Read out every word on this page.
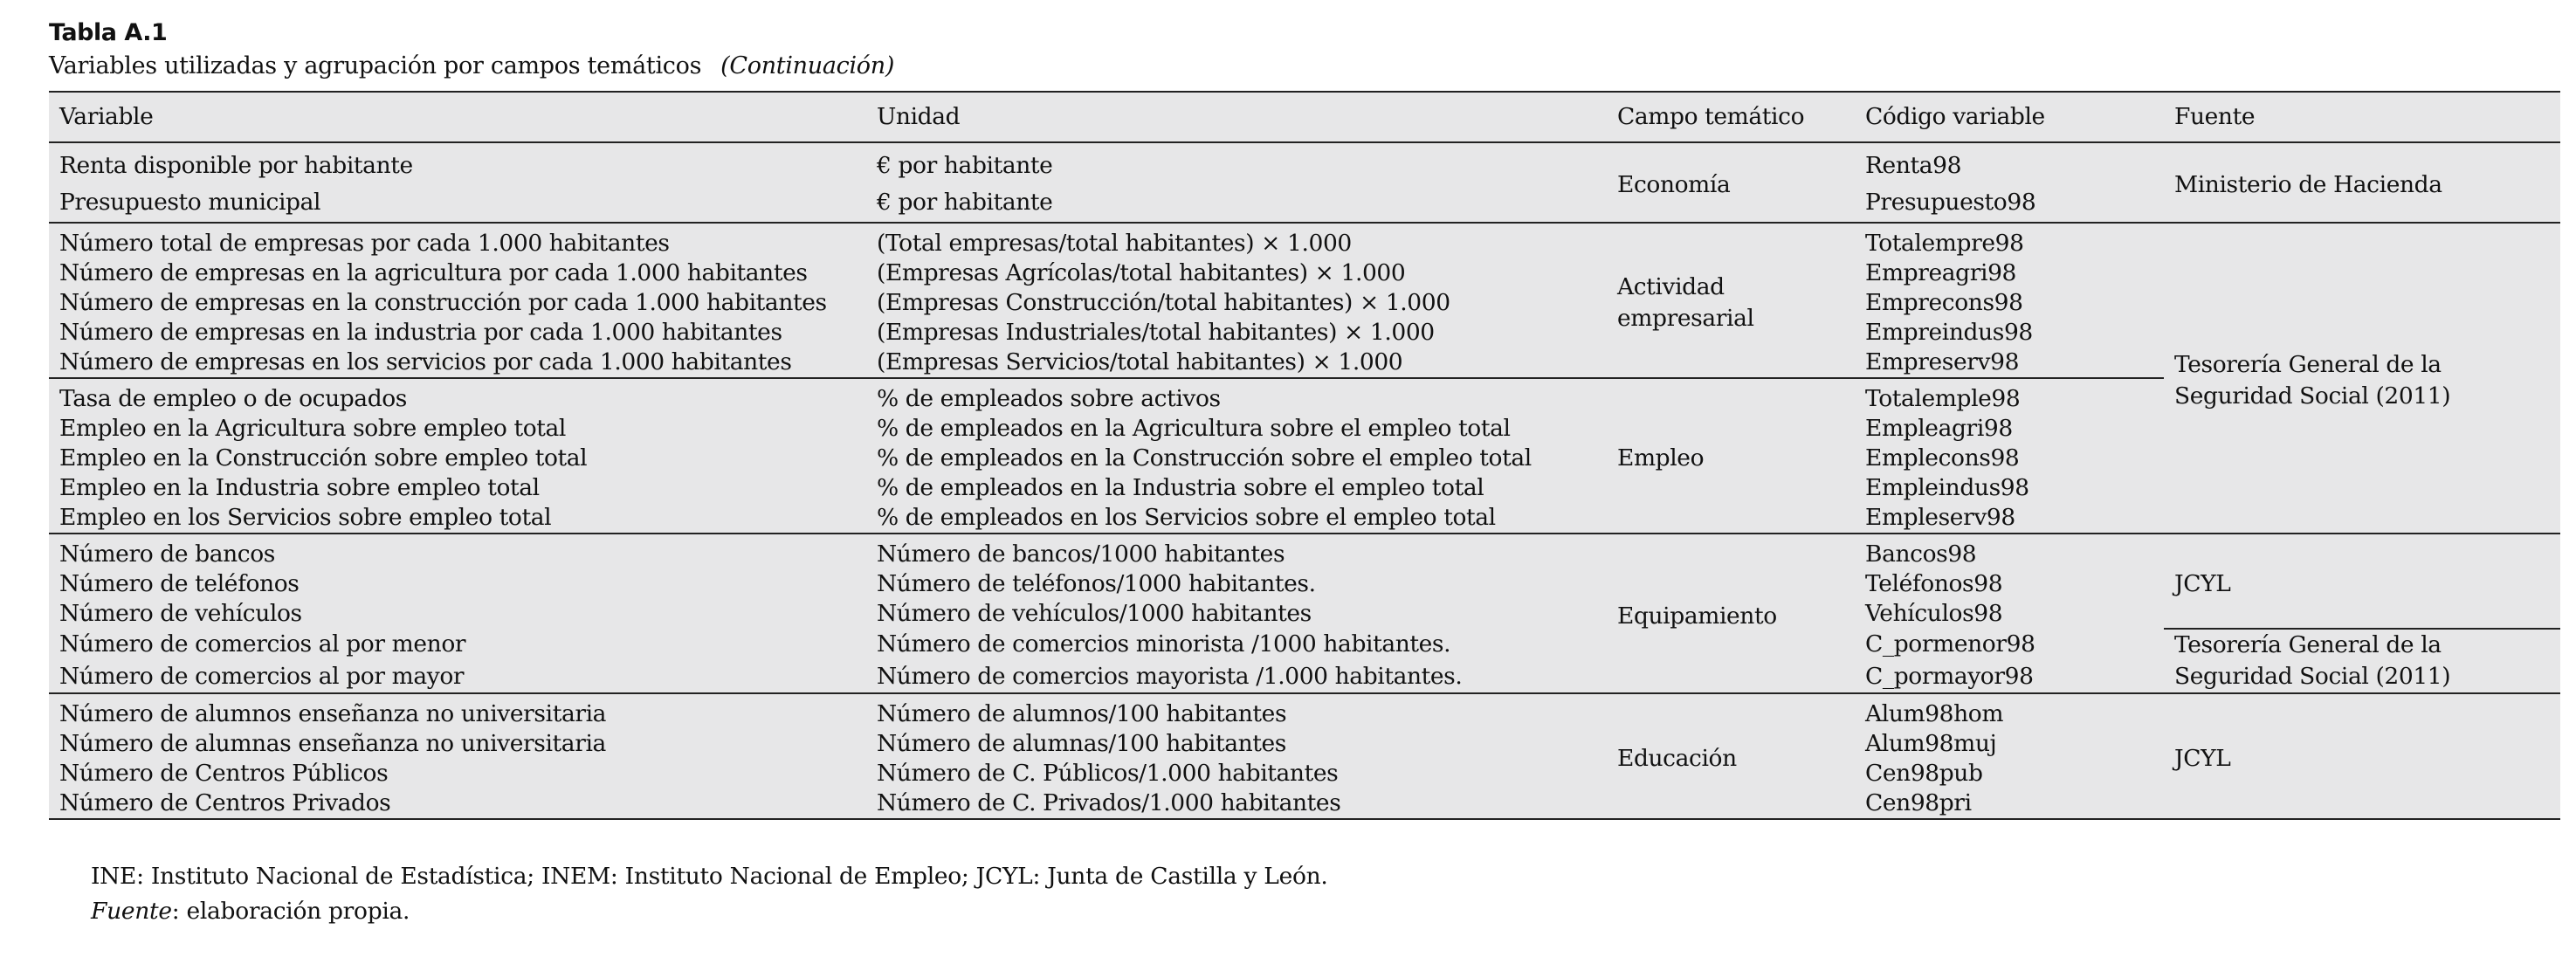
Tabla A.1
Variables utilizadas y agrupación por campos temáticos (Continuación)
Variable	Unidad	Campo temático	Código variable	Fuente
Renta disponible por habitante	€ por habitante	Economía	Renta98	Ministerio de Hacienda
Presupuesto municipal	€ por habitante		Presupuesto98	
Número total de empresas por cada 1.000 habitantes	(Total empresas/total habitantes) × 1.000	Actividad empresarial	Totalempre98	Tesorería General de la Seguridad Social (2011)
Número de empresas en la agricultura por cada 1.000 habitantes	(Empresas Agrícolas/total habitantes) × 1.000		Empreagri98	
Número de empresas en la construcción por cada 1.000 habitantes	(Empresas Construcción/total habitantes) × 1.000		Emprecons98	
Número de empresas en la industria por cada 1.000 habitantes	(Empresas Industriales/total habitantes) × 1.000		Empreindus98	
Número de empresas en los servicios por cada 1.000 habitantes	(Empresas Servicios/total habitantes) × 1.000		Empreserv98	
Tasa de empleo o de ocupados	% de empleados sobre activos	Empleo	Totalemple98	
Empleo en la Agricultura sobre empleo total	% de empleados en la Agricultura sobre el empleo total		Empleagri98	
Empleo en la Construcción sobre empleo total	% de empleados en la Construcción sobre el empleo total		Emplecons98	
Empleo en la Industria sobre empleo total	% de empleados en la Industria sobre el empleo total		Empleindus98	
Empleo en los Servicios sobre empleo total	% de empleados en los Servicios sobre el empleo total		Empleserv98	
Número de bancos	Número de bancos/1000 habitantes	Equipamiento	Bancos98	JCYL
Número de teléfonos	Número de teléfonos/1000 habitantes.		Teléfonos98	
Número de vehículos	Número de vehículos/1000 habitantes		Vehículos98	
Número de comercios al por menor	Número de comercios minorista /1000 habitantes.		C_pormenor98	Tesorería General de la Seguridad Social (2011)
Número de comercios al por mayor	Número de comercios mayorista /1.000 habitantes.		C_pormayor98	
Número de alumnos enseñanza no universitaria	Número de alumnos/100 habitantes	Educación	Alum98hom	JCYL
Número de alumnas enseñanza no universitaria	Número de alumnas/100 habitantes		Alum98muj	
Número de Centros Públicos	Número de C. Públicos/1.000 habitantes		Cen98pub	
Número de Centros Privados	Número de C. Privados/1.000 habitantes		Cen98pri	
INE: Instituto Nacional de Estadística; INEM: Instituto Nacional de Empleo; JCYL: Junta de Castilla y León.
Fuente: elaboración propia.
